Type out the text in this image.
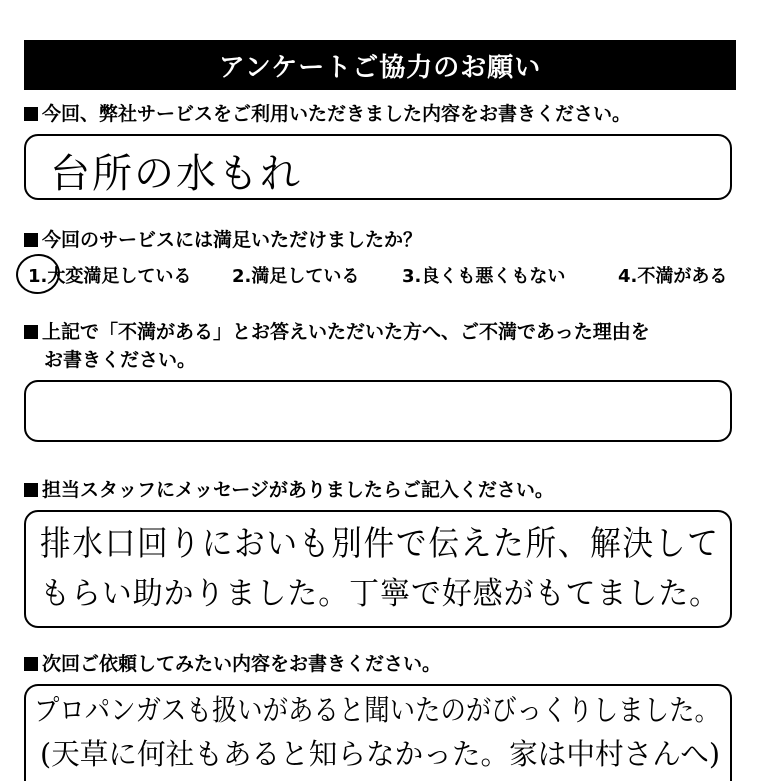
アンケートご協力のお願い
今回、弊社サービスをご利用いただきました内容をお書きください。
台所の水もれ
今回のサービスには満足いただけましたか？
1.大変満足している 2.満足している 3.良くも悪くもない	4.不満がある
上記で「不満がある」とお答えいただいた方へ、ご不満であった理由を
お書きください。
担当スタッフにメッセージがありましたらご記入ください。
排水口回りにおいも別件で伝えた所、解決して
もらい助かりました。丁寧で好感がもてました。
次回ご依頼してみたい内容をお書きください。
プロパンガスも扱いがあると聞いたのがびっくりしました。
(天草に何社もあると知らなかった。家は中村さんへ)
